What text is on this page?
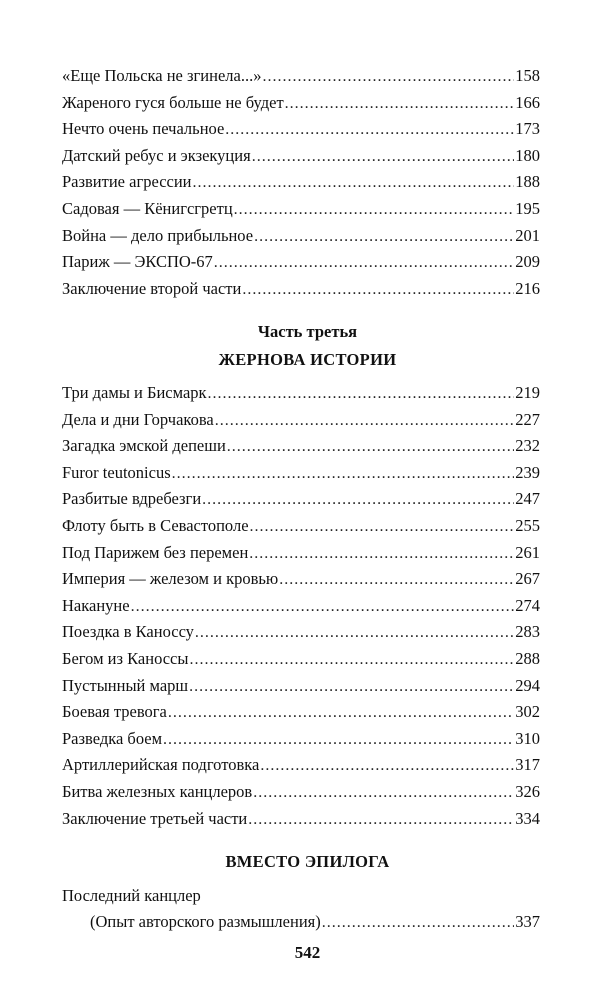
«Еще Польска не згинела...» .....	158
Жареного гуся больше не будет .....	166
Нечто очень печальное .....	173
Датский ребус и экзекуция .....	180
Развитие агрессии .....	188
Садовая — Кёнигсгретц .....	195
Война — дело прибыльное .....	201
Париж — ЭКСПО-67 .....	209
Заключение второй части .....	216
Часть третья
ЖЕРНОВА ИСТОРИИ
Три дамы и Бисмарк .....	219
Дела и дни Горчакова .....	227
Загадка эмской депеши .....	232
Furor teutonicus .....	239
Разбитые вдребезги .....	247
Флоту быть в Севастополе .....	255
Под Парижем без перемен .....	261
Империя — железом и кровью .....	267
Накануне .....	274
Поездка в Каноссу .....	283
Бегом из Каноссы .....	288
Пустынный марш .....	294
Боевая тревога .....	302
Разведка боем .....	310
Артиллерийская подготовка .....	317
Битва железных канцлеров .....	326
Заключение третьей части .....	334
ВМЕСТО ЭПИЛОГА
Последний канцлер
(Опыт авторского размышления) .....	337
542
